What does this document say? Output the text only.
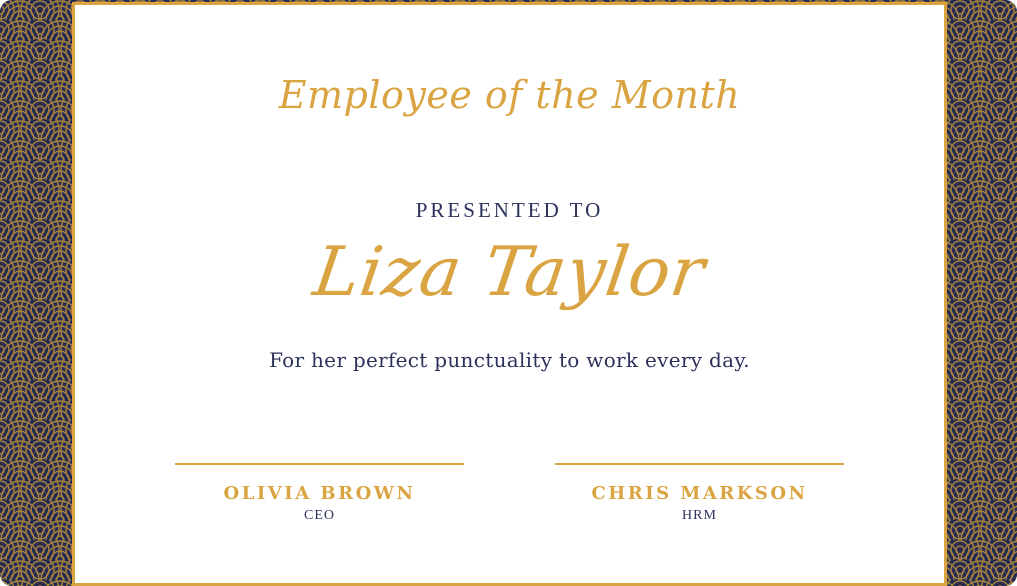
Employee of the Month
PRESENTED TO
Liza Taylor
For her perfect punctuality to work every day.
OLIVIA BROWN
CEO
CHRIS MARKSON
HRM
